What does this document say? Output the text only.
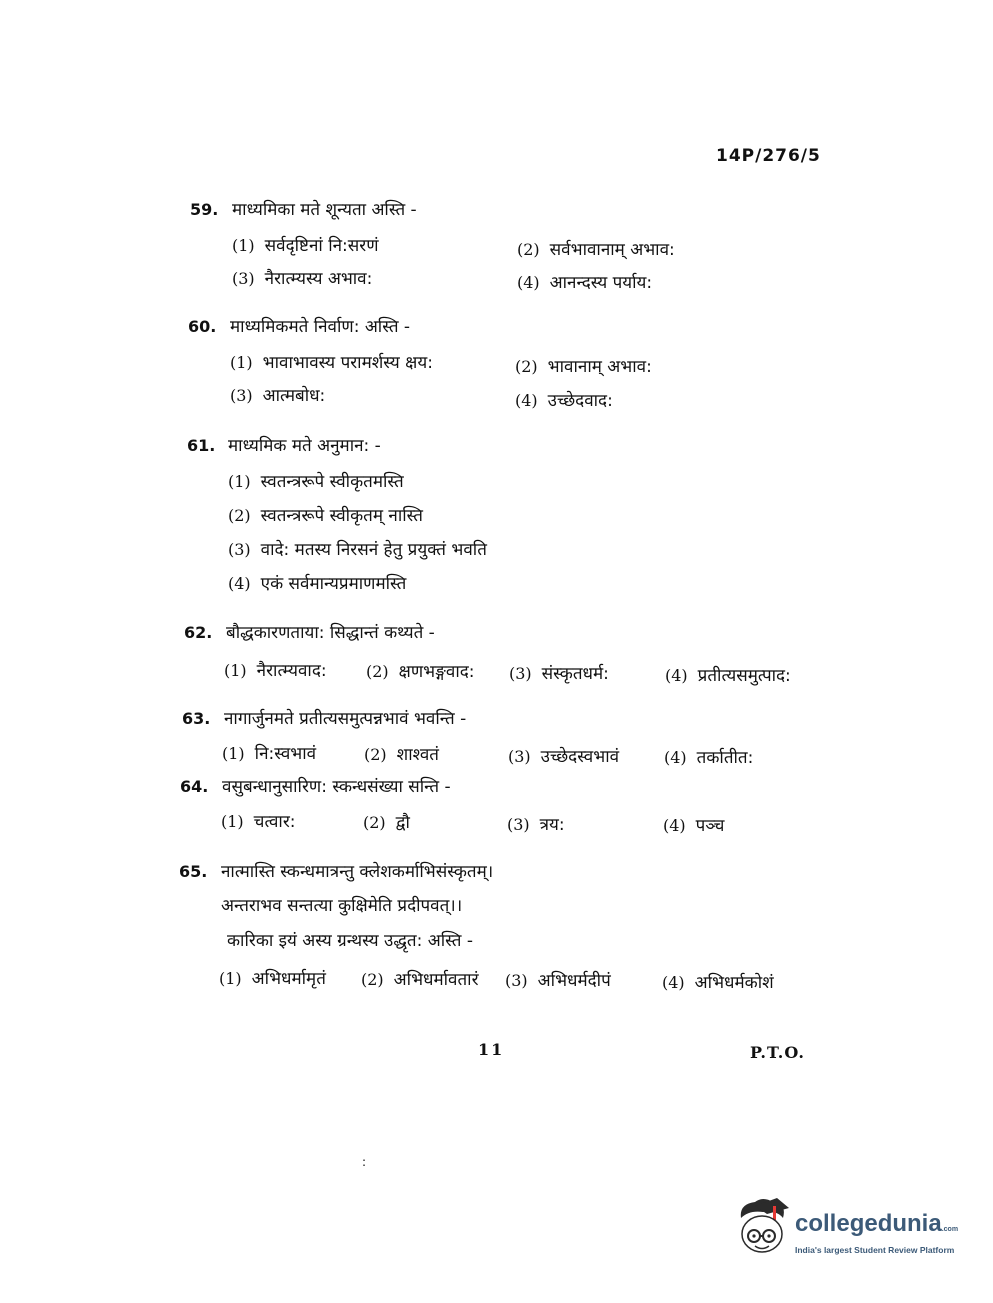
14P/276/5
59. माध्यमिका मते शून्यता अस्ति -
(1) सर्वदृष्टिनां नि:सरणं	(2) सर्वभावानाम् अभाव:
(3) नैरात्म्यस्य अभाव:	(4) आनन्दस्य पर्याय:
60. माध्यमिकमते निर्वाण: अस्ति -
(1) भावाभावस्य परामर्शस्य क्षय:	(2) भावानाम् अभाव:
(3) आत्मबोध:	(4) उच्छेदवाद:
61. माध्यमिक मते अनुमान: -
(1) स्वतन्त्ररूपे स्वीकृतमस्ति
(2) स्वतन्त्ररूपे स्वीकृतम् नास्ति
(3) वादे: मतस्य निरसनं हेतु प्रयुक्तं भवति
(4) एकं सर्वमान्यप्रमाणमस्ति
62. बौद्धकारणताया: सिद्धान्तं कथ्यते -
(1) नैरात्म्यवाद: (2) क्षणभङ्गवाद: (3) संस्कृतधर्म:	(4) प्रतीत्यसमुत्पाद:
63. नागार्जुनमते प्रतीत्यसमुत्पन्नभावं भवन्ति -
(1) नि:स्वभावं	(2) शाश्वतं	(3) उच्छेदस्वभावं	(4) तर्कातीत:
64. वसुबन्धानुसारिण: स्कन्धसंख्या सन्ति -
(1) चत्वार:	(2) द्वौ	(3) त्रय:	(4) पञ्च
65. नात्मास्ति स्कन्धमात्रन्तु क्लेशकर्माभिसंस्कृतम्।
अन्तराभव सन्तत्या कुक्षिमेति प्रदीपवत्।।
कारिका इयं अस्य ग्रन्थस्य उद्धृत: अस्ति -
(1) अभिधर्मामृतं (2) अभिधर्मावतारं (3) अभिधर्मदीपं	(4) अभिधर्मकोशं
11	P.T.O.
:
collegedunia.com
India's largest Student Review Platform
